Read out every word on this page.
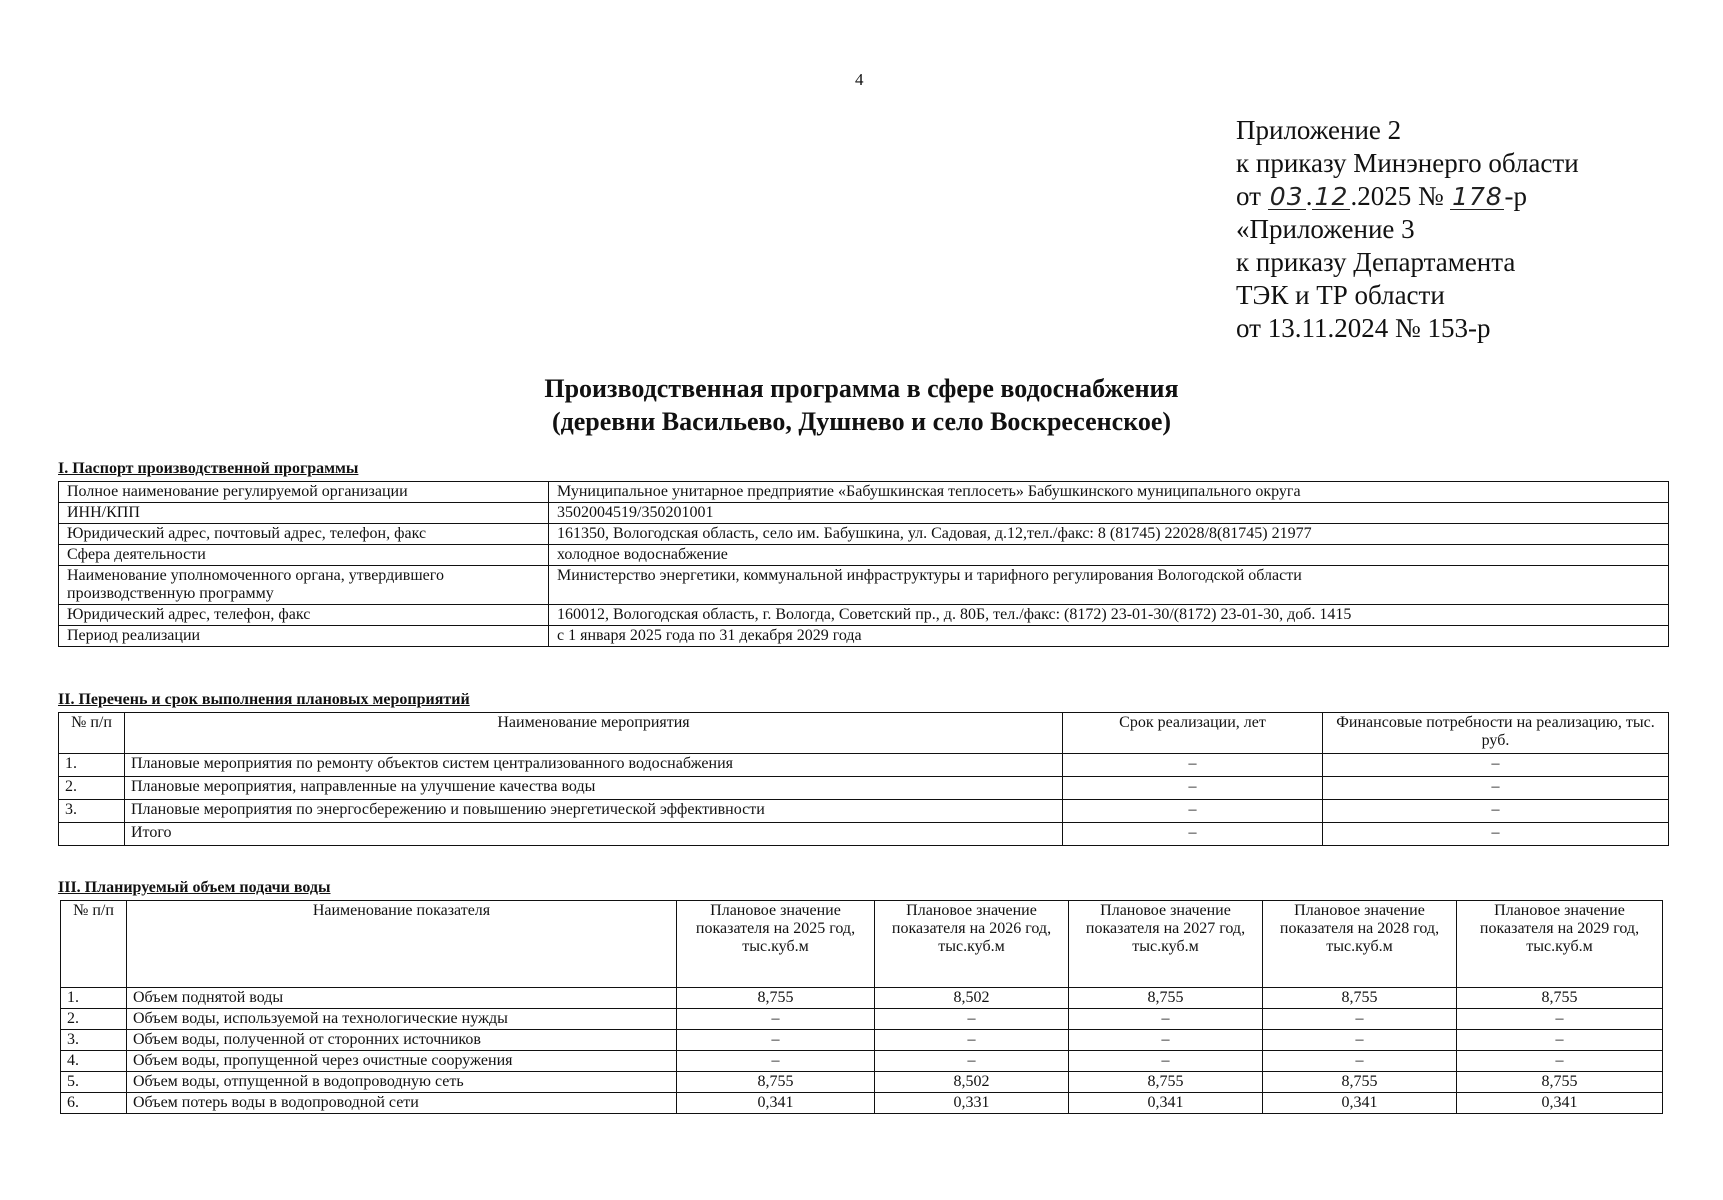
4
Приложение 2
к приказу Минэнерго области
от 03.12.2025 № 178-р
«Приложение 3
к приказу Департамента
ТЭК и ТР области
от 13.11.2024 № 153-р
Производственная программа в сфере водоснабжения
(деревни Васильево, Душнево и село Воскресенское)
I. Паспорт производственной программы
Полное наименование регулируемой организации	Муниципальное унитарное предприятие «Бабушкинская теплосеть» Бабушкинского муниципального округа
ИНН/КПП	3502004519/350201001
Юридический адрес, почтовый адрес, телефон, факс	161350, Вологодская область, село им. Бабушкина, ул. Садовая, д.12,тел./факс: 8 (81745) 22028/8(81745) 21977
Сфера деятельности	холодное водоснабжение
Наименование уполномоченного органа, утвердившего производственную программу	Министерство энергетики, коммунальной инфраструктуры и тарифного регулирования Вологодской области
Юридический адрес, телефон, факс	160012, Вологодская область, г. Вологда, Советский пр., д. 80Б, тел./факс: (8172) 23-01-30/(8172) 23-01-30, доб. 1415
Период реализации	с 1 января 2025 года по 31 декабря 2029 года
II. Перечень и срок выполнения плановых мероприятий
№ п/п	Наименование мероприятия	Срок реализации, лет	Финансовые потребности на реализацию, тыс. руб.
1.	Плановые мероприятия по ремонту объектов систем централизованного водоснабжения	–	–
2.	Плановые мероприятия, направленные на улучшение качества воды	–	–
3.	Плановые мероприятия по энергосбережению и повышению энергетической эффективности	–	–
	Итого	–	–
III. Планируемый объем подачи воды
№ п/п	Наименование показателя	Плановое значение показателя на 2025 год, тыс.куб.м	Плановое значение показателя на 2026 год, тыс.куб.м	Плановое значение показателя на 2027 год, тыс.куб.м	Плановое значение показателя на 2028 год, тыс.куб.м	Плановое значение показателя на 2029 год, тыс.куб.м
1.	Объем поднятой воды	8,755	8,502	8,755	8,755	8,755
2.	Объем воды, используемой на технологические нужды	–	–	–	–	–
3.	Объем воды, полученной от сторонних источников	–	–	–	–	–
4.	Объем воды, пропущенной через очистные сооружения	–	–	–	–	–
5.	Объем воды, отпущенной в водопроводную сеть	8,755	8,502	8,755	8,755	8,755
6.	Объем потерь воды в водопроводной сети	0,341	0,331	0,341	0,341	0,341
